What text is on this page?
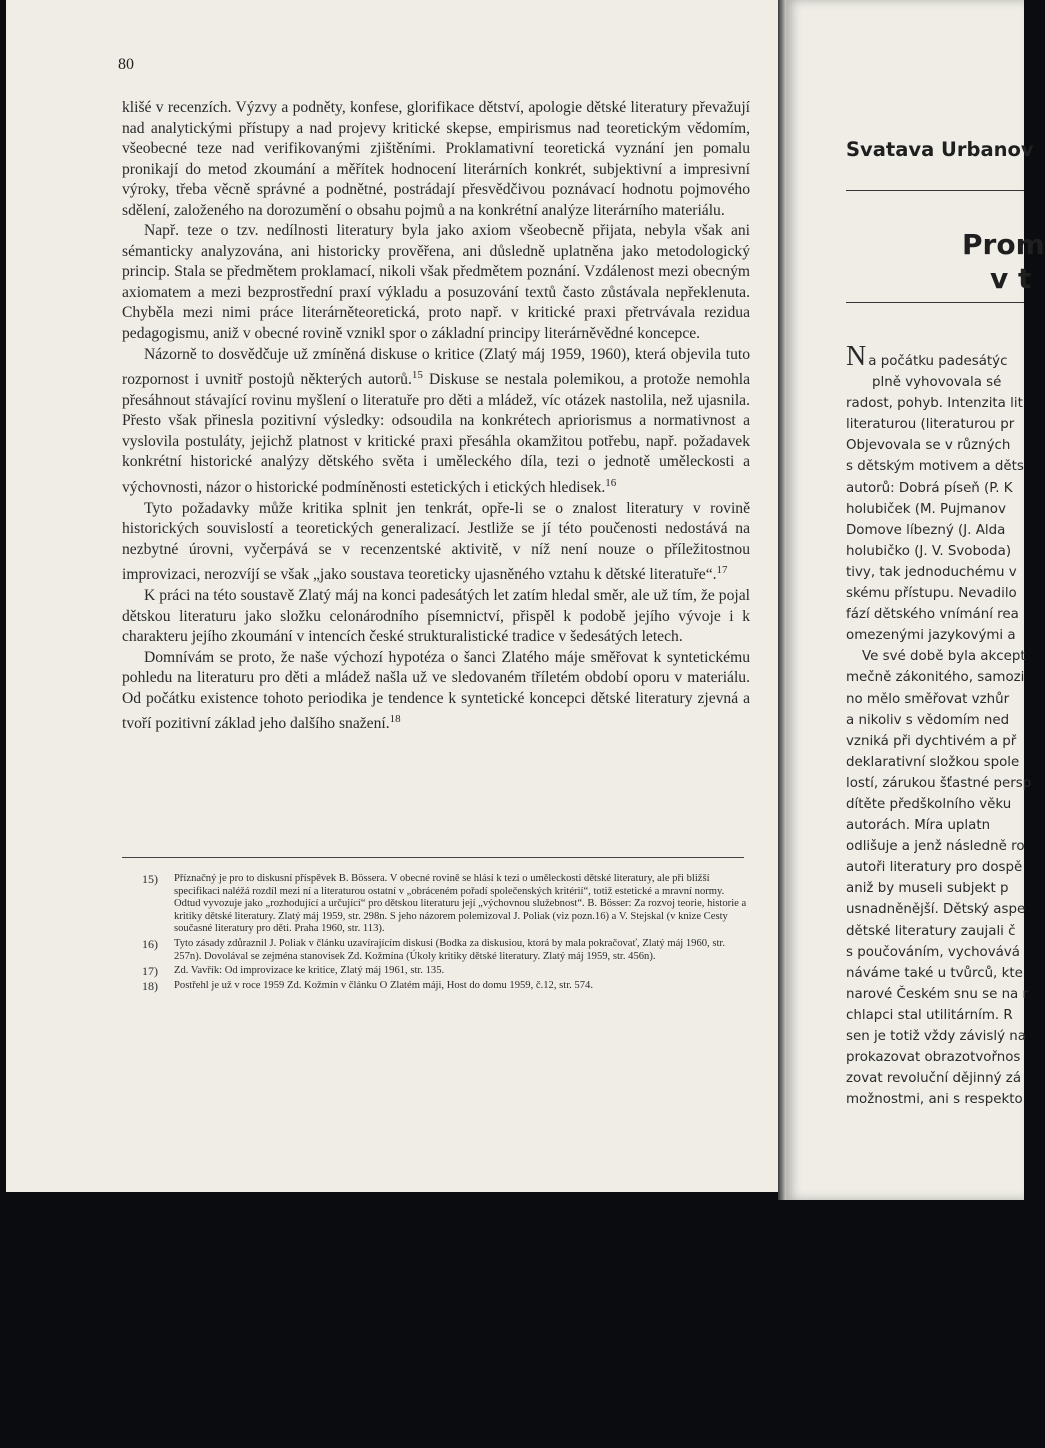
80

klišé v recenzích. Výzvy a podněty, konfese, glorifikace dětství, apologie dětské literatury převažují nad analytickými přístupy a nad projevy kritické skepse, empirismus nad teoretickým vědomím, všeobecné teze nad verifikovanými zjištěními. Proklamativní teoretická vyznání jen pomalu pronikají do metod zkoumání a měřítek hodnocení literárních konkrét, subjektivní a impresivní výroky, třeba věcně správné a podnětné, postrádají přesvědčivou poznávací hodnotu pojmového sdělení, založeného na dorozumění o obsahu pojmů a na konkrétní analýze literárního materiálu.

Např. teze o tzv. nedílnosti literatury byla jako axiom všeobecně přijata, nebyla však ani sémanticky analyzována, ani historicky prověřena, ani důsledně uplatněna jako metodologický princip. Stala se předmětem proklamací, nikoli však předmětem poznání. Vzdálenost mezi obecným axiomatem a mezi bezprostřední praxí výkladu a posuzování textů často zůstávala nepřeklenuta. Chyběla mezi nimi práce literárněteoretická, proto např. v kritické praxi přetrvávala rezidua pedagogismu, aniž v obecné rovině vznikl spor o základní principy literárněvědné koncepce.

Názorně to dosvědčuje už zmíněná diskuse o kritice (Zlatý máj 1959, 1960), která objevila tuto rozpornost i uvnitř postojů některých autorů.$^{15}$ Diskuse se nestala polemikou, a protože nemohla přesáhnout stávající rovinu myšlení o literatuře pro děti a mládež, víc otázek nastolila, než ujasnila. Přesto však přinesla pozitivní výsledky: odsoudila na konkrétech apriorismus a normativnost a vyslovila postuláty, jejichž platnost v kritické praxi přesáhla okamžitou potřebu, např. požadavek konkrétní historické analýzy dětského světa i uměleckého díla, tezi o jednotě uměleckosti a výchovnosti, názor o historické podmíněnosti estetických i etických hledisek.$^{16}$

Tyto požadavky může kritika splnit jen tenkrát, opře-li se o znalost literatury v rovině historických souvislostí a teoretických generalizací. Jestliže se jí této poučenosti nedostává na nezbytné úrovni, vyčerpává se v recenzentské aktivitě, v níž není nouze o příležitostnou improvizaci, nerozvíjí se však „jako soustava teoreticky ujasněného vztahu k dětské literatuře“.$^{17}$

K práci na této soustavě Zlatý máj na konci padesátých let zatím hledal směr, ale už tím, že pojal dětskou literaturu jako složku celonárodního písemnictví, přispěl k podobě jejího vývoje i k charakteru jejího zkoumání v intencích české strukturalistické tradice v šedesátých letech.

Domnívám se proto, že naše výchozí hypotéza o šanci Zlatého máje směřovat k syntetickému pohledu na literaturu pro děti a mládež našla už ve sledovaném tříletém období oporu v materiálu. Od počátku existence tohoto periodika je tendence k syntetické koncepci dětské literatury zjevná a tvoří pozitivní základ jeho dalšího snažení.$^{18}$

15) Příznačný je pro to diskusní příspěvek B. Bössera. V obecné rovině se hlásí k tezi o uměleckosti dětské literatury, ale při bližší specifikaci naléžá rozdíl mezi ní a literaturou ostatní v „obráceném pořadí společenských kritérií“, totiž estetické a mravní normy. Odtud vyvozuje jako „rozhodující a určující“ pro dětskou literaturu její „výchovnou služebnost“. B. Bösser: Za rozvoj teorie, historie a kritiky dětské literatury. Zlatý máj 1959, str. 298n. S jeho názorem polemizoval J. Poliak (viz pozn.16) a V. Stejskal (v knize Cesty současné literatury pro děti. Praha 1960, str. 113).
16) Tyto zásady zdůraznil J. Poliak v článku uzavírajícím diskusi (Bodka za diskusiou, ktorá by mala pokračovať, Zlatý máj 1960, str. 257n). Dovolával se zejména stanovisek Zd. Kožmína (Úkoly kritiky dětské literatury. Zlatý máj 1959, str. 456n).
17) Zd. Vavřík: Od improvizace ke kritice, Zlatý máj 1961, str. 135.
18) Postřehl je už v roce 1959 Zd. Kožmín v článku O Zlatém máji, Host do domu 1959, č.12, str. 574.
Svatava Urbanov
Prom
v t
Na počátku padesátýc
plně vyhovovala sé
radost, pohyb. Intenzita lit
literaturou (literaturou pr
Objevovala se v různých
s dětským motivem a děts
autorů: Dobrá píseň (P. K
holubiček (M. Pujmanov
Domove líbezný (J. Alda
holubičko (J. V. Svoboda)
tivy, tak jednoduchému v
skému přístupu. Nevadilo
fází dětského vnímání rea
omezenými jazykovými a
Ve své době byla akcept
mečně zákonitého, samozi
no mělo směřovat vzhůr
a nikoliv s vědomím ned
vzniká při dychtivém a př
deklarativní složkou spole
lostí, zárukou šťastné persp
dítěte předškolního věku
autorách. Míra uplatn
odlišuje a jenž následně ro
autoři literatury pro dospě
aniž by museli subjekt p
usnadněnější. Dětský aspe
dětské literatury zaujali č
s poučováním, vychovává
náváme také u tvůrců, kte
narové Českém snu se na r
chlapci stal utilitárním. R
sen je totiž vždy závislý na
prokazovat obrazotvořnos
zovat revoluční dějinný zá
možnostmi, ani s respekto
